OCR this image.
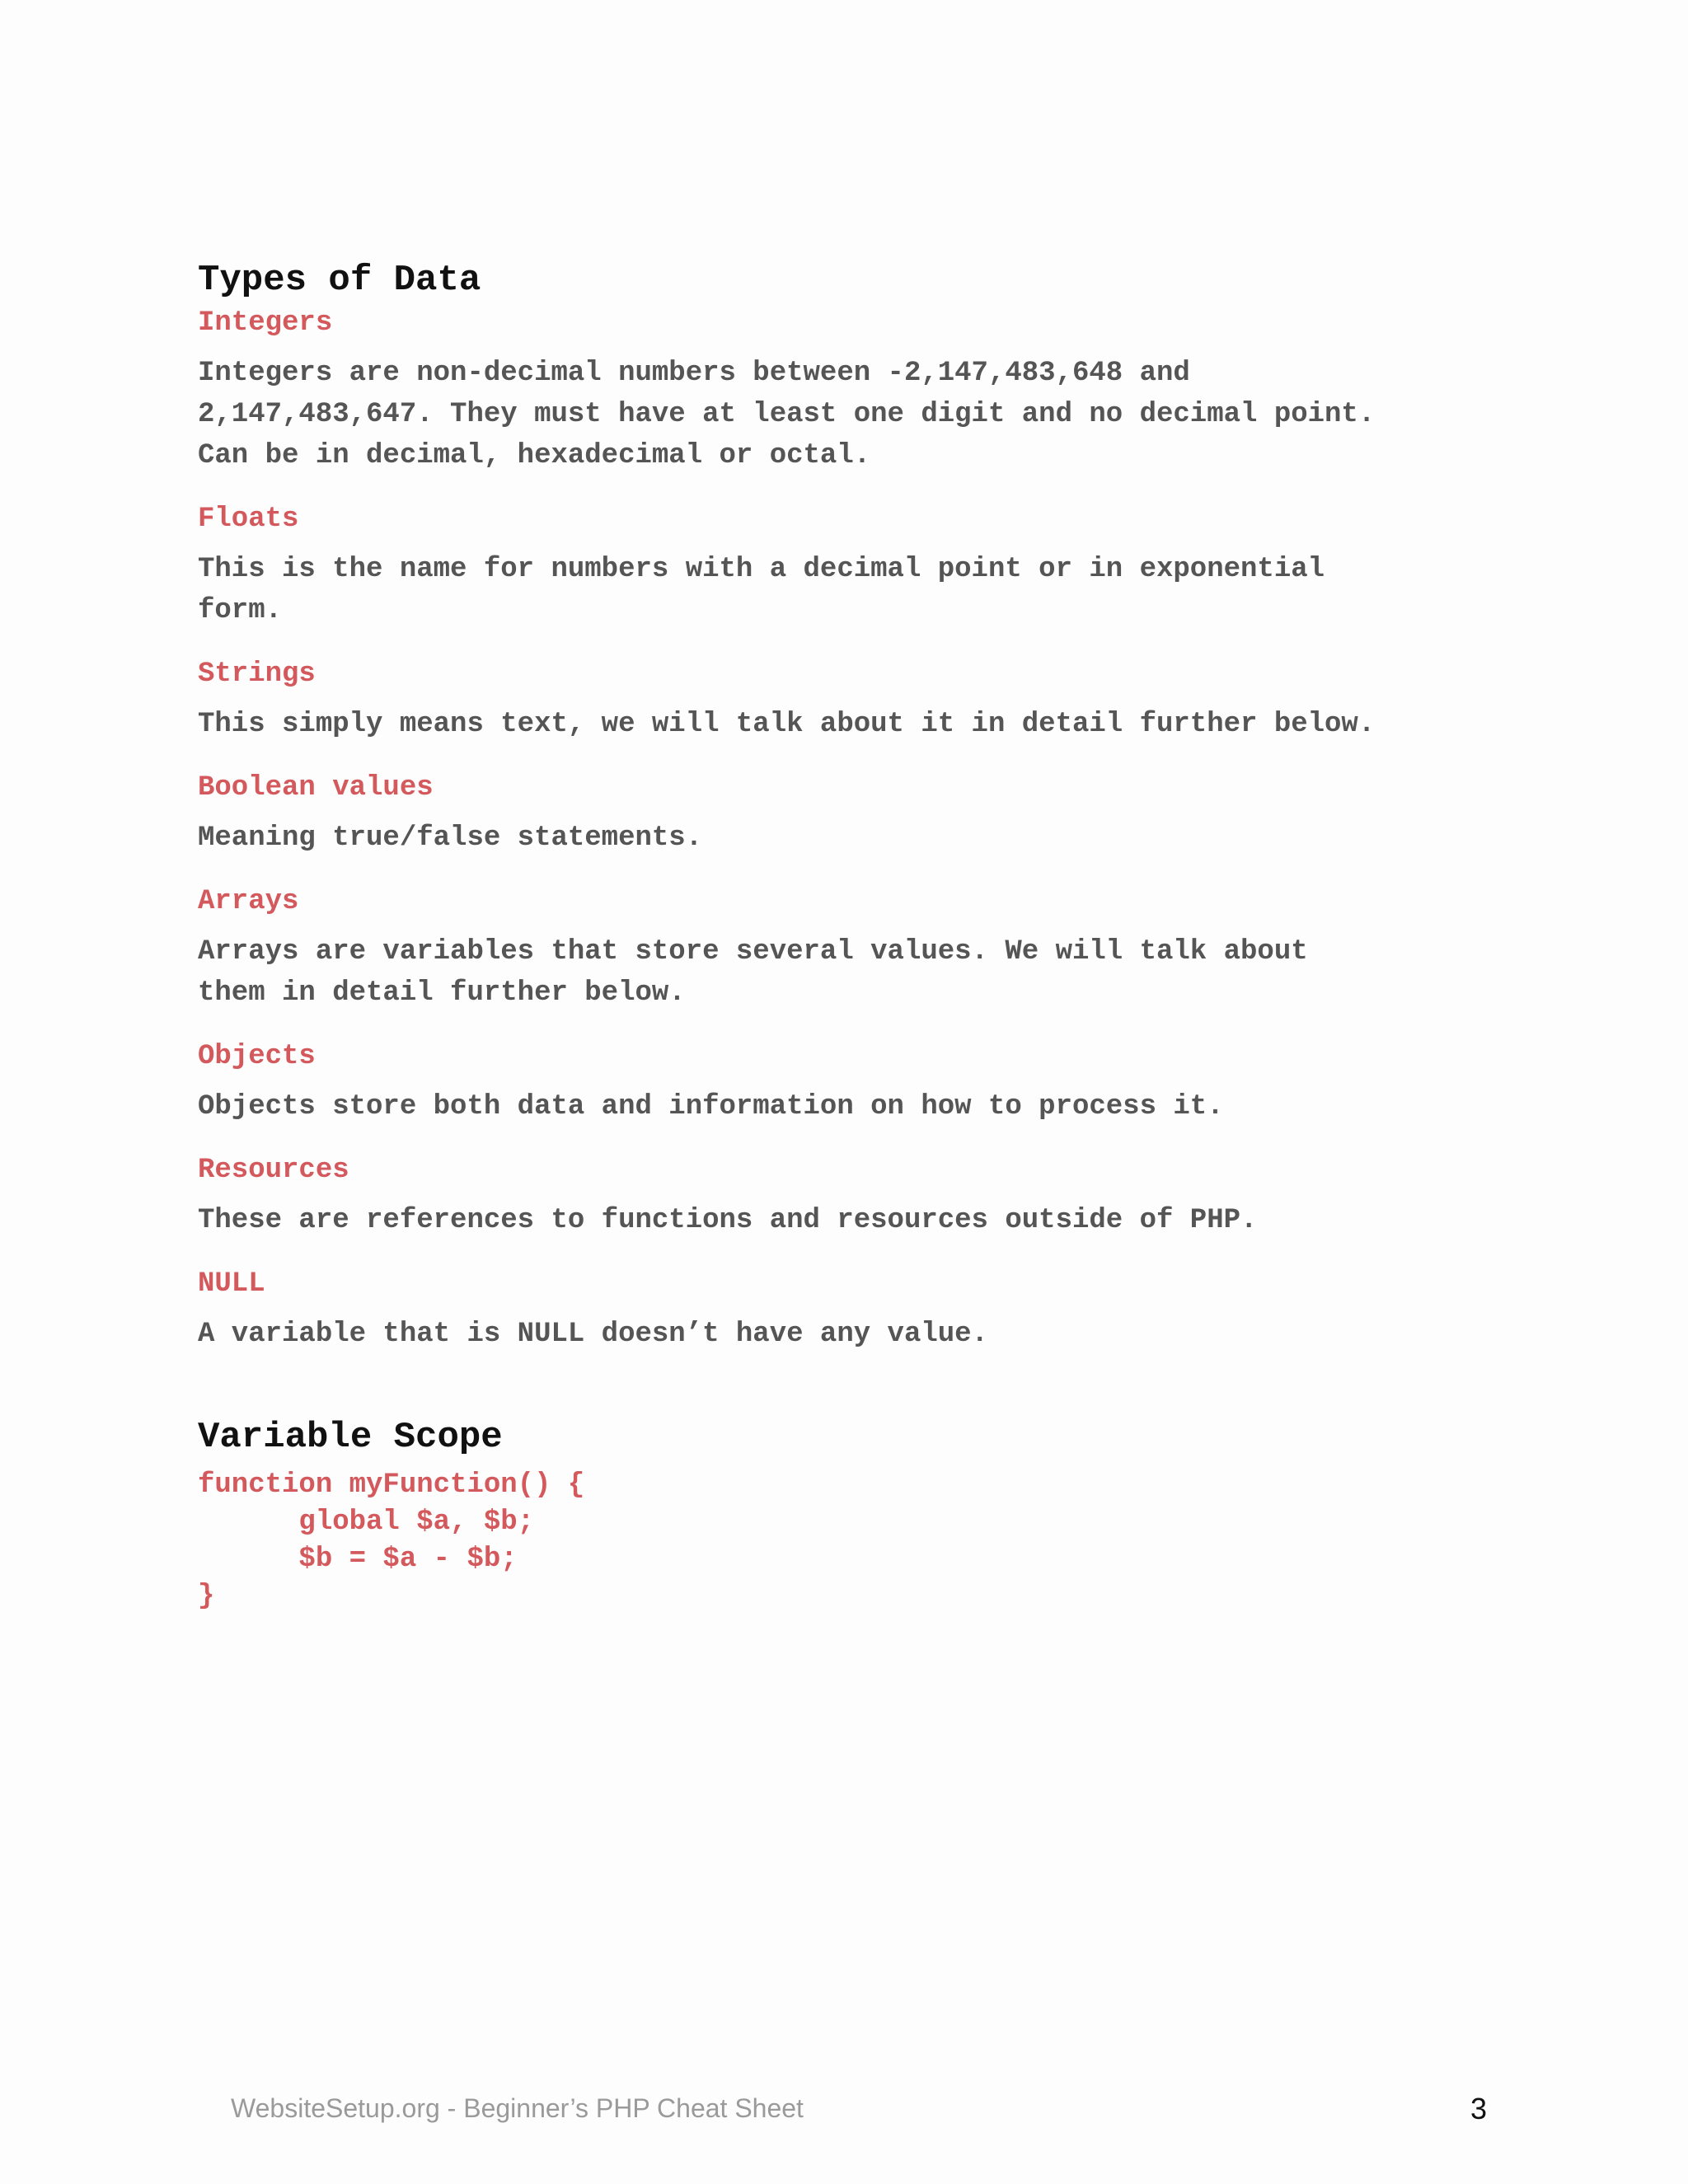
Types of Data

Integers

Integers are non-decimal numbers between -2,147,483,648 and
2,147,483,647. They must have at least one digit and no decimal point.
Can be in decimal, hexadecimal or octal.

Floats

This is the name for numbers with a decimal point or in exponential
form.

Strings

This simply means text, we will talk about it in detail further below.

Boolean values

Meaning true/false statements.

Arrays

Arrays are variables that store several values. We will talk about
them in detail further below.

Objects

Objects store both data and information on how to process it.

Resources

These are references to functions and resources outside of PHP.

NULL

A variable that is NULL doesn’t have any value.

Variable Scope
function myFunction() {
global $a, $b;
$b = $a - $b;
}
WebsiteSetup.org - Beginner’s PHP Cheat Sheet	3
